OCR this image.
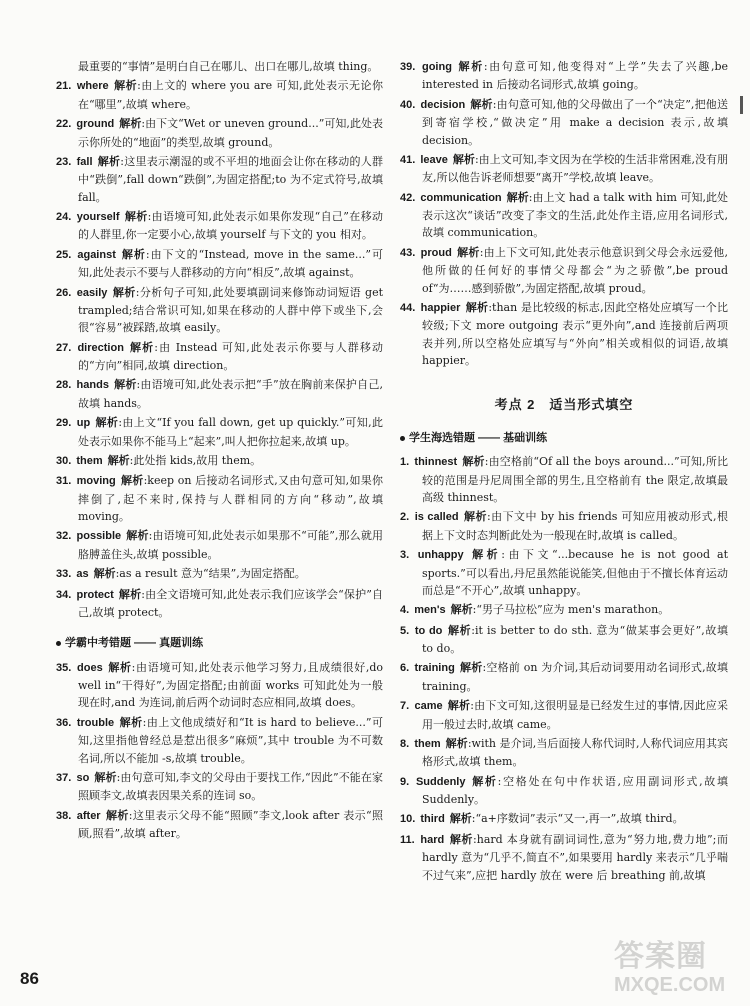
最重要的“事情”是明白自己在哪儿、出口在哪儿,故填 thing。

21. where 解析:由上文的 where you are 可知,此处表示无论你在“哪里”,故填 where。

22. ground 解析:由下文“Wet or uneven ground...”可知,此处表示你所处的“地面”的类型,故填 ground。

23. fall 解析:这里表示潮湿的或不平坦的地面会让你在移动的人群中“跌倒”,fall down“跌倒”,为固定搭配;to 为不定式符号,故填 fall。

24. yourself 解析:由语境可知,此处表示如果你发现“自己”在移动的人群里,你一定要小心,故填 yourself 与下文的 you 相对。

25. against 解析:由下文的“Instead, move in the same...”可知,此处表示不要与人群移动的方向“相反”,故填 against。

26. easily 解析:分析句子可知,此处要填副词来修饰动词短语 get trampled;结合常识可知,如果在移动的人群中停下或坐下,会很“容易”被踩踏,故填 easily。

27. direction 解析:由 Instead 可知,此处表示你要与人群移动的“方向”相同,故填 direction。

28. hands 解析:由语境可知,此处表示把“手”放在胸前来保护自己,故填 hands。

29. up 解析:由上文“If you fall down, get up quickly.”可知,此处表示如果你不能马上“起来”,叫人把你拉起来,故填 up。

30. them 解析:此处指 kids,故用 them。

31. moving 解析:keep on 后接动名词形式,又由句意可知,如果你摔倒了,起不来时,保持与人群相同的方向“移动”,故填 moving。

32. possible 解析:由语境可知,此处表示如果那不“可能”,那么就用胳膊盖住头,故填 possible。

33. as 解析:as a result 意为“结果”,为固定搭配。

34. protect 解析:由全文语境可知,此处表示我们应该学会“保护”自己,故填 protect。

学霸中考错题 —— 真题训练

35. does 解析:由语境可知,此处表示他学习努力,且成绩很好,do well in“干得好”,为固定搭配;由前面 works 可知此处为一般现在时,and 为连词,前后两个动词时态应相同,故填 does。

36. trouble 解析:由上文他成绩好和“It is hard to believe...”可知,这里指他曾经总是惹出很多“麻烦”,其中 trouble 为不可数名词,所以不能加 -s,故填 trouble。

37. so 解析:由句意可知,李文的父母由于要找工作,“因此”不能在家照顾李文,故填表因果关系的连词 so。

38. after 解析:这里表示父母不能“照顾”李文,look after 表示“照顾,照看”,故填 after。

39. going 解析:由句意可知,他变得对“上学”失去了兴趣,be interested in 后接动名词形式,故填 going。

40. decision 解析:由句意可知,他的父母做出了一个“决定”,把他送到寄宿学校,“做决定”用 make a decision 表示,故填 decision。

41. leave 解析:由上文可知,李文因为在学校的生活非常困难,没有朋友,所以他告诉老师想要“离开”学校,故填 leave。

42. communication 解析:由上文 had a talk with him 可知,此处表示这次“谈话”改变了李文的生活,此处作主语,应用名词形式,故填 communication。

43. proud 解析:由上下文可知,此处表示他意识到父母会永远爱他,他所做的任何好的事情父母都会“为之骄傲”,be proud of“为……感到骄傲”,为固定搭配,故填 proud。

44. happier 解析:than 是比较级的标志,因此空格处应填写一个比较级;下文 more outgoing 表示“更外向”,and 连接前后两项表并列,所以空格处应填写与“外向”相关或相似的词语,故填 happier。

考点 2 适当形式填空
学生海选错题 —— 基础训练

1. thinnest 解析:由空格前“Of all the boys around...”可知,所比较的范围是丹尼周围全部的男生,且空格前有 the 限定,故填最高级 thinnest。

2. is called 解析:由下文中 by his friends 可知应用被动形式,根据上下文时态判断此处为一般现在时,故填 is called。

3. unhappy 解析:由下文“...because he is not good at sports.”可以看出,丹尼虽然能说能笑,但他由于不擅长体育运动而总是“不开心”,故填 unhappy。

4. men's 解析:“男子马拉松”应为 men's marathon。

5. to do 解析:it is better to do sth. 意为“做某事会更好”,故填 to do。

6. training 解析:空格前 on 为介词,其后动词要用动名词形式,故填 training。

7. came 解析:由下文可知,这很明显是已经发生过的事情,因此应采用一般过去时,故填 came。

8. them 解析:with 是介词,当后面接人称代词时,人称代词应用其宾格形式,故填 them。

9. Suddenly 解析:空格处在句中作状语,应用副词形式,故填 Suddenly。

10. third 解析:“a+序数词”表示“又一,再一”,故填 third。

11. hard 解析:hard 本身就有副词词性,意为“努力地,费力地”;而 hardly 意为“几乎不,简直不”,如果要用 hardly 来表示“几乎喘不过气来”,应把 hardly 放在 were 后 breathing 前,故填

86
答案圈
MXQE.COM
